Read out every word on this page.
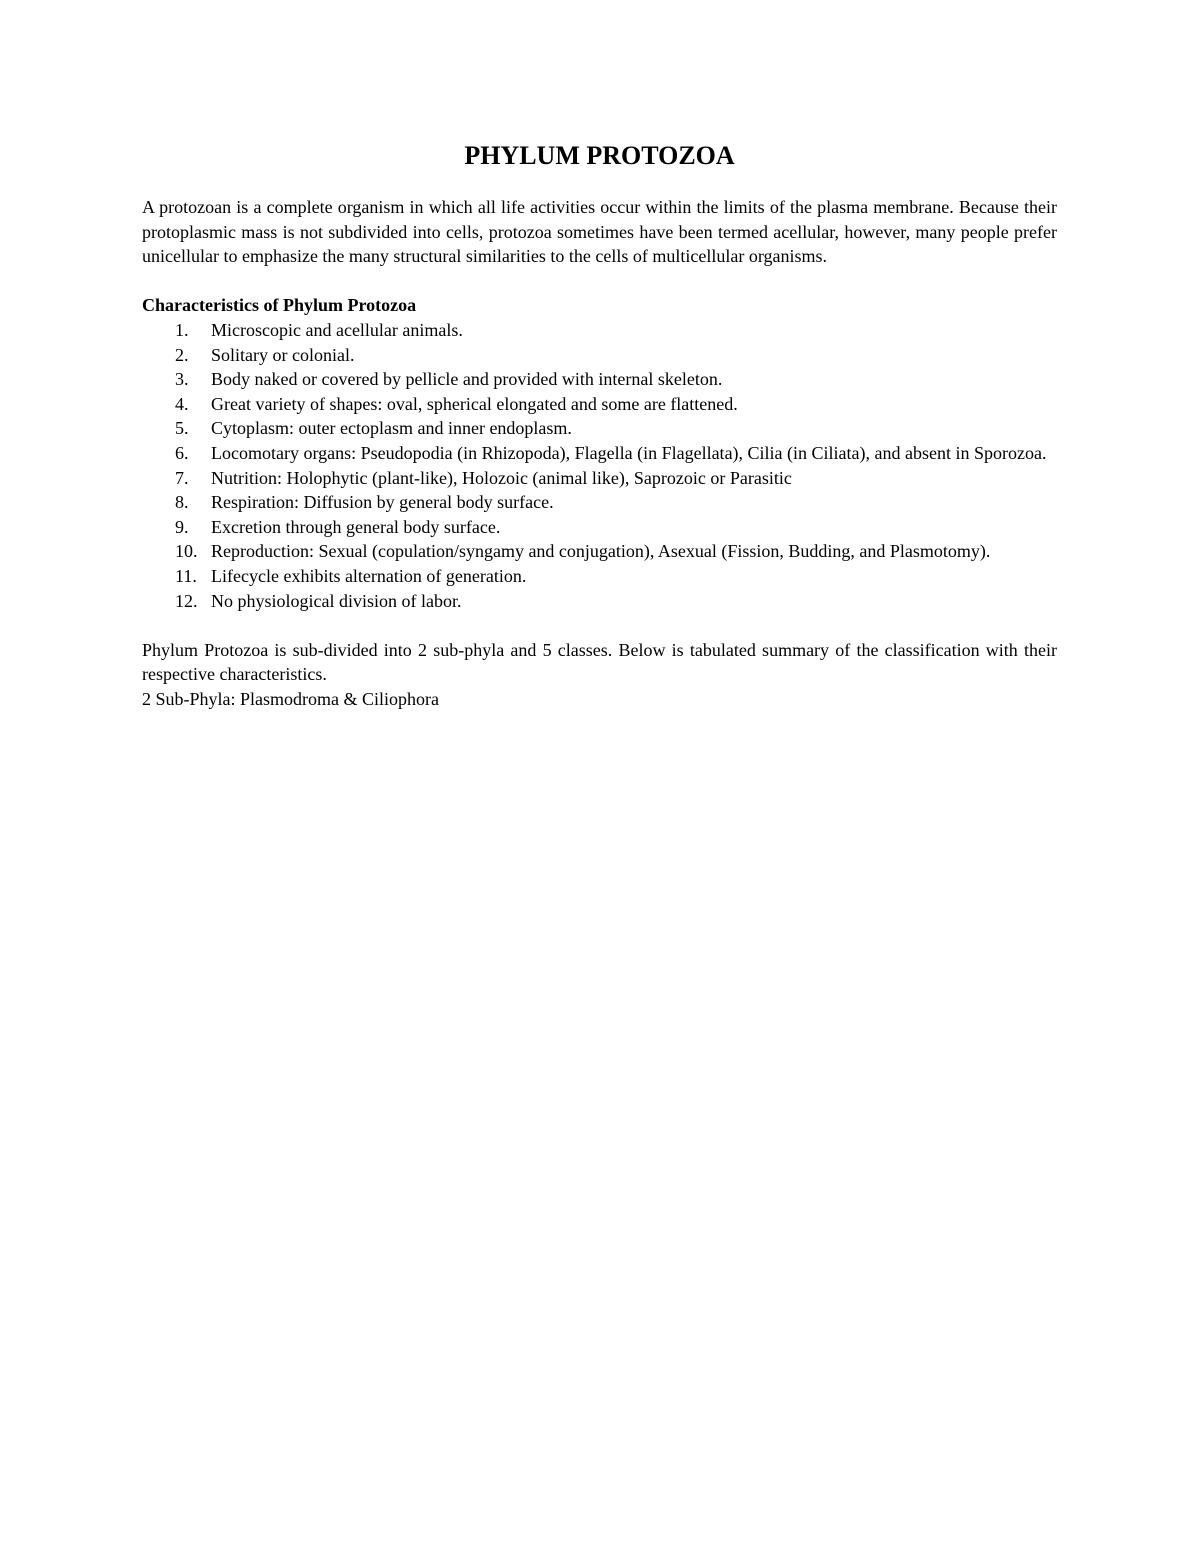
PHYLUM PROTOZOA

A protozoan is a complete organism in which all life activities occur within the limits of the plasma membrane. Because their protoplasmic mass is not subdivided into cells, protozoa sometimes have been termed acellular, however, many people prefer unicellular to emphasize the many structural similarities to the cells of multicellular organisms.

Characteristics of Phylum Protozoa

1. Microscopic and acellular animals.
2. Solitary or colonial.
3. Body naked or covered by pellicle and provided with internal skeleton.
4. Great variety of shapes: oval, spherical elongated and some are flattened.
5. Cytoplasm: outer ectoplasm and inner endoplasm.
6. Locomotary organs: Pseudopodia (in Rhizopoda), Flagella (in Flagellata), Cilia (in Ciliata), and absent in Sporozoa.
7. Nutrition: Holophytic (plant-like), Holozoic (animal like), Saprozoic or Parasitic
8. Respiration: Diffusion by general body surface.
9. Excretion through general body surface.
10. Reproduction: Sexual (copulation/syngamy and conjugation), Asexual (Fission, Budding, and Plasmotomy).
11. Lifecycle exhibits alternation of generation.
12. No physiological division of labor.

Phylum Protozoa is sub-divided into 2 sub-phyla and 5 classes. Below is tabulated summary of the classification with their respective characteristics.

2 Sub-Phyla: Plasmodroma & Ciliophora
